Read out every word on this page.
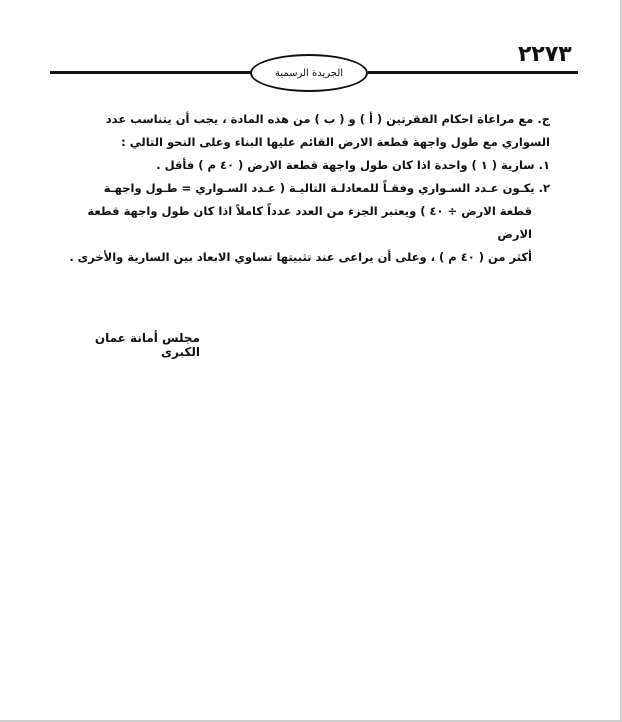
٢٢٧٣
الجريدة الرسمية

ج. مع مراعاة احكام الفقرتين ( أ ) و ( ب ) من هذه المادة ، يجب أن يتناسب عدد السواري مع طول واجهة قطعة الارض القائم عليها البناء وعلى النحو التالي :

١. سارية ( ١ ) واحدة اذا كان طول واجهة قطعة الارض ( ٤٠ م ) فأقل .

٢. يكـون عـدد السـواري وفقـاً للمعادلـة التاليـة ( عـدد السـواري = طـول واجهـة

قطعة الارض ÷ ٤٠ ) ويعتبر الجزء من العدد عدداً كاملاً اذا كان طول واجهة قطعة الارض

أكثر من ( ٤٠ م ) ، وعلى أن يراعى عند تثبيتها تساوي الابعاد بين السارية والأخرى .

مجلس أمانة عمان الكبرى
